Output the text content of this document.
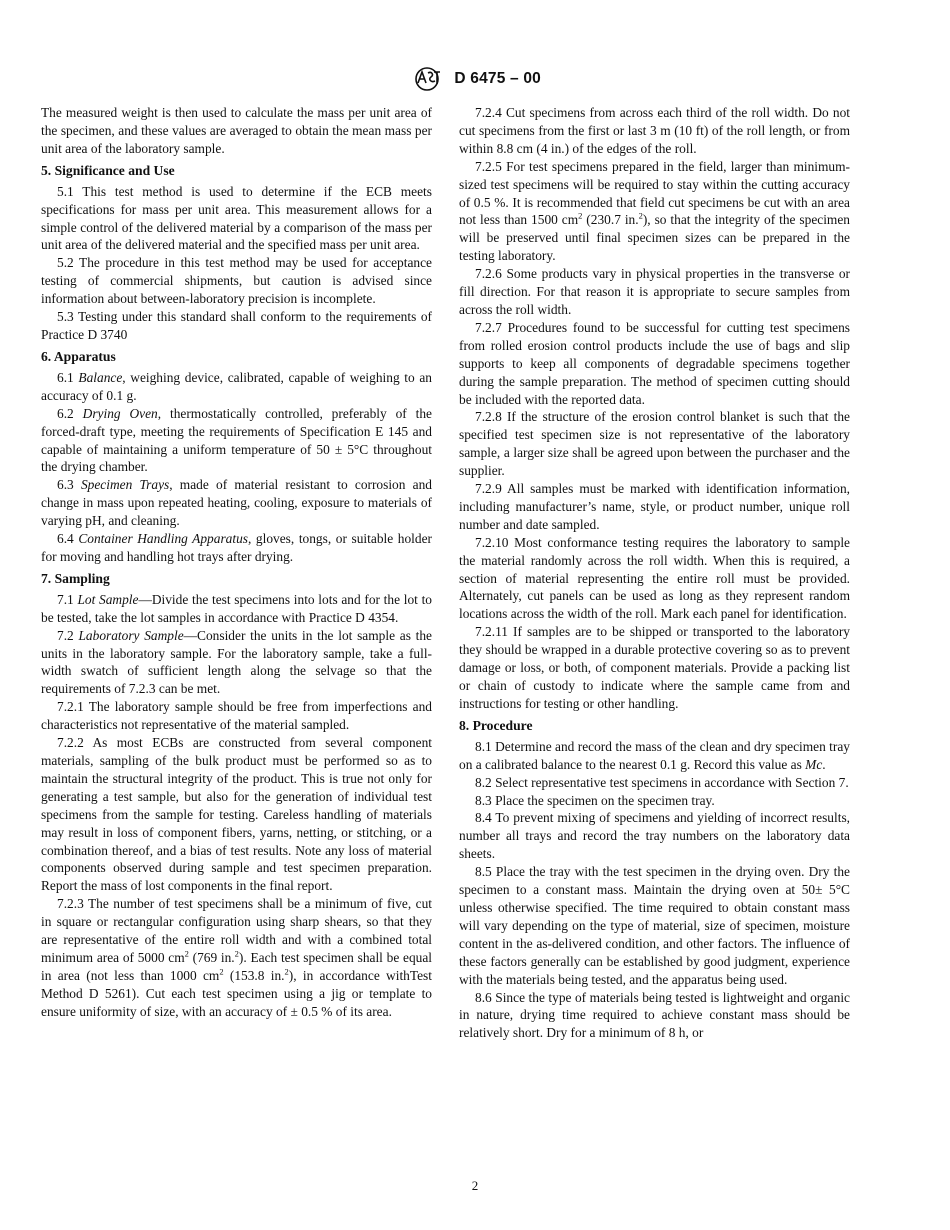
D 6475 – 00

The measured weight is then used to calculate the mass per unit area of the specimen, and these values are averaged to obtain the mean mass per unit area of the laboratory sample.

5. Significance and Use

5.1 This test method is used to determine if the ECB meets specifications for mass per unit area. This measurement allows for a simple control of the delivered material by a comparison of the mass per unit area of the delivered material and the specified mass per unit area.

5.2 The procedure in this test method may be used for acceptance testing of commercial shipments, but caution is advised since information about between-laboratory precision is incomplete.

5.3 Testing under this standard shall conform to the requirements of Practice D 3740

6. Apparatus

6.1 Balance, weighing device, calibrated, capable of weighing to an accuracy of 0.1 g.

6.2 Drying Oven, thermostatically controlled, preferably of the forced-draft type, meeting the requirements of Specification E 145 and capable of maintaining a uniform temperature of 50 ± 5°C throughout the drying chamber.

6.3 Specimen Trays, made of material resistant to corrosion and change in mass upon repeated heating, cooling, exposure to materials of varying pH, and cleaning.

6.4 Container Handling Apparatus, gloves, tongs, or suitable holder for moving and handling hot trays after drying.

7. Sampling

7.1 Lot Sample—Divide the test specimens into lots and for the lot to be tested, take the lot samples in accordance with Practice D 4354.

7.2 Laboratory Sample—Consider the units in the lot sample as the units in the laboratory sample. For the laboratory sample, take a full-width swatch of sufficient length along the selvage so that the requirements of 7.2.3 can be met.

7.2.1 The laboratory sample should be free from imperfections and characteristics not representative of the material sampled.

7.2.2 As most ECBs are constructed from several component materials, sampling of the bulk product must be performed so as to maintain the structural integrity of the product. This is true not only for generating a test sample, but also for the generation of individual test specimens from the sample for testing. Careless handling of materials may result in loss of component fibers, yarns, netting, or stitching, or a combination thereof, and a bias of test results. Note any loss of material components observed during sample and test specimen preparation. Report the mass of lost components in the final report.

7.2.3 The number of test specimens shall be a minimum of five, cut in square or rectangular configuration using sharp shears, so that they are representative of the entire roll width and with a combined total minimum area of 5000 $cm^2$ (769 in.$^2$). Each test specimen shall be equal in area (not less than 1000 $cm^2$ (153.8 in.$^2$), in accordance withTest Method D 5261). Cut each test specimen using a jig or template to ensure uniformity of size, with an accuracy of ± 0.5 % of its area.

7.2.4 Cut specimens from across each third of the roll width. Do not cut specimens from the first or last 3 m (10 ft) of the roll length, or from within 8.8 cm (4 in.) of the edges of the roll.

7.2.5 For test specimens prepared in the field, larger than minimum-sized test specimens will be required to stay within the cutting accuracy of 0.5 %. It is recommended that field cut specimens be cut with an area not less than 1500 $cm^2$ (230.7 in.$^2$), so that the integrity of the specimen will be preserved until final specimen sizes can be prepared in the testing laboratory.

7.2.6 Some products vary in physical properties in the transverse or fill direction. For that reason it is appropriate to secure samples from across the roll width.

7.2.7 Procedures found to be successful for cutting test specimens from rolled erosion control products include the use of bags and slip supports to keep all components of degradable specimens together during the sample preparation. The method of specimen cutting should be included with the reported data.

7.2.8 If the structure of the erosion control blanket is such that the specified test specimen size is not representative of the laboratory sample, a larger size shall be agreed upon between the purchaser and the supplier.

7.2.9 All samples must be marked with identification information, including manufacturer’s name, style, or product number, unique roll number and date sampled.

7.2.10 Most conformance testing requires the laboratory to sample the material randomly across the roll width. When this is required, a section of material representing the entire roll must be provided. Alternately, cut panels can be used as long as they represent random locations across the width of the roll. Mark each panel for identification.

7.2.11 If samples are to be shipped or transported to the laboratory they should be wrapped in a durable protective covering so as to prevent damage or loss, or both, of component materials. Provide a packing list or chain of custody to indicate where the sample came from and instructions for testing or other handling.

8. Procedure

8.1 Determine and record the mass of the clean and dry specimen tray on a calibrated balance to the nearest 0.1 g. Record this value as Mc.

8.2 Select representative test specimens in accordance with Section 7.

8.3 Place the specimen on the specimen tray.

8.4 To prevent mixing of specimens and yielding of incorrect results, number all trays and record the tray numbers on the laboratory data sheets.

8.5 Place the tray with the test specimen in the drying oven. Dry the specimen to a constant mass. Maintain the drying oven at 50± 5°C unless otherwise specified. The time required to obtain constant mass will vary depending on the type of material, size of specimen, moisture content in the as-delivered condition, and other factors. The influence of these factors generally can be established by good judgment, experience with the materials being tested, and the apparatus being used.

8.6 Since the type of materials being tested is lightweight and organic in nature, drying time required to achieve constant mass should be relatively short. Dry for a minimum of 8 h, or

2
